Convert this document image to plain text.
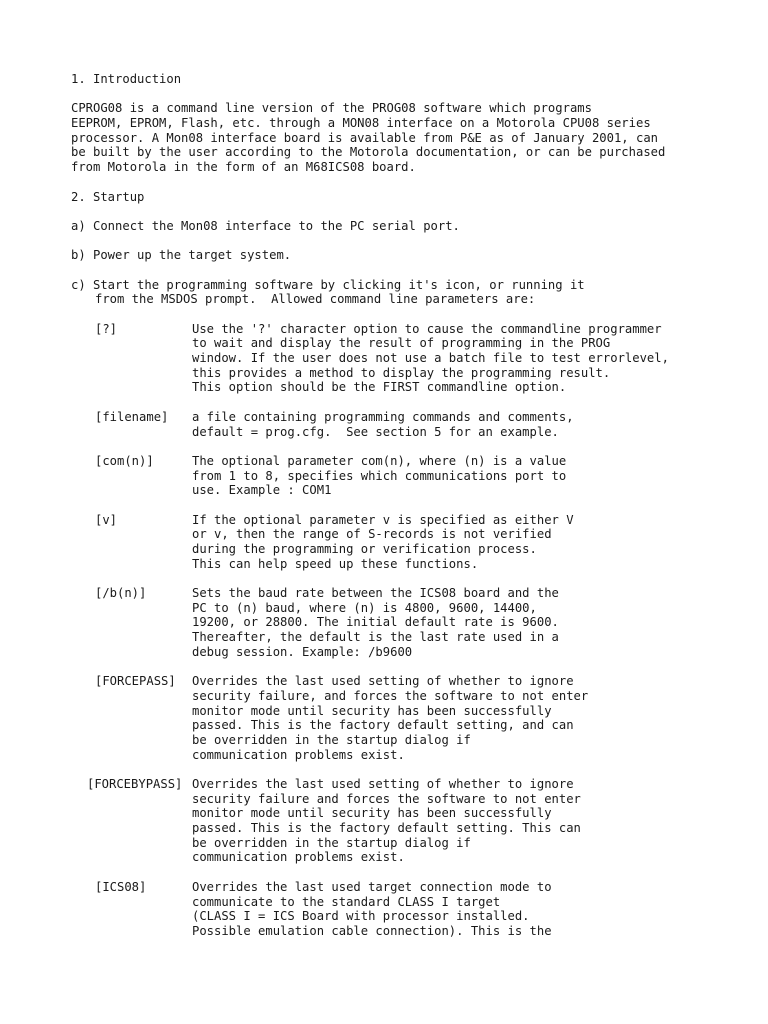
1. Introduction
CPROG08 is a command line version of the PROG08 software which programs
EEPROM, EPROM, Flash, etc. through a MON08 interface on a Motorola CPU08 series
processor. A Mon08 interface board is available from P&E as of January 2001, can
be built by the user according to the Motorola documentation, or can be purchased
from Motorola in the form of an M68ICS08 board.
2. Startup
a) Connect the Mon08 interface to the PC serial port.
b) Power up the target system.
c) Start the programming software by clicking it's icon, or running it
from the MSDOS prompt.  Allowed command line parameters are:
[?]	Use the '?' character option to cause the commandline programmer
to wait and display the result of programming in the PROG
window. If the user does not use a batch file to test errorlevel,
this provides a method to display the programming result.
This option should be the FIRST commandline option.
[filename]	a file containing programming commands and comments,
default = prog.cfg.  See section 5 for an example.
[com(n)]	The optional parameter com(n), where (n) is a value
from 1 to 8, specifies which communications port to
use. Example : COM1
[v]	If the optional parameter v is specified as either V
or v, then the range of S-records is not verified
during the programming or verification process.
This can help speed up these functions.
[/b(n)]	Sets the baud rate between the ICS08 board and the
PC to (n) baud, where (n) is 4800, 9600, 14400,
19200, or 28800. The initial default rate is 9600.
Thereafter, the default is the last rate used in a
debug session. Example: /b9600
[FORCEPASS]	Overrides the last used setting of whether to ignore
security failure, and forces the software to not enter
monitor mode until security has been successfully
passed. This is the factory default setting, and can
be overridden in the startup dialog if
communication problems exist.
[FORCEBYPASS] Overrides the last used setting of whether to ignore
security failure and forces the software to not enter
monitor mode until security has been successfully
passed. This is the factory default setting. This can
be overridden in the startup dialog if
communication problems exist.
[ICS08]	Overrides the last used target connection mode to
communicate to the standard CLASS I target
(CLASS I = ICS Board with processor installed.
Possible emulation cable connection). This is the
